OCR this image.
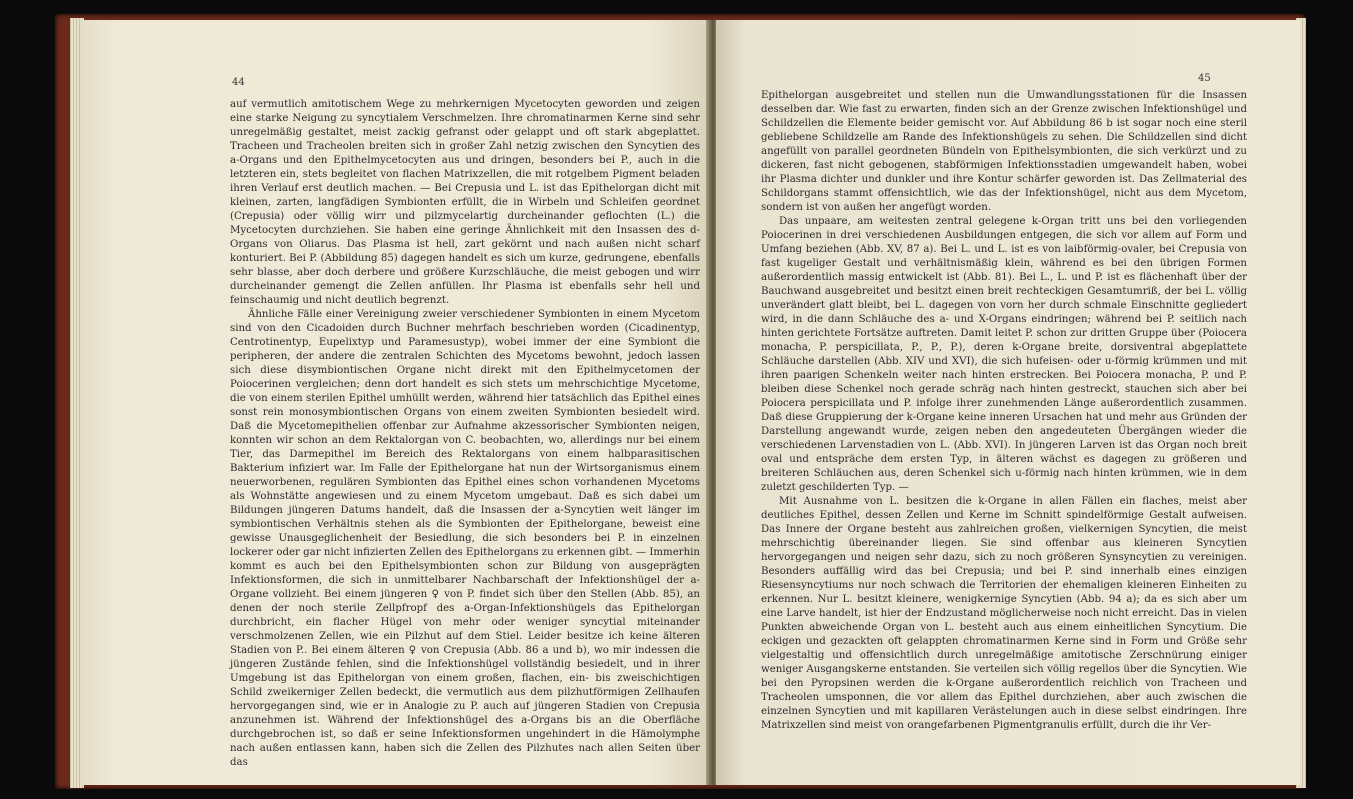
44

auf vermutlich amitotischem Wege zu mehrkernigen Mycetocyten geworden und zeigen eine starke Neigung zu syncytialem Verschmelzen. Ihre chromatinarmen Kerne sind sehr unregelmäßig gestaltet, meist zackig gefranst oder gelappt und oft stark abgeplattet. Tracheen und Tracheolen breiten sich in großer Zahl netzig zwischen den Syncytien des a-Organs und den Epithelmycetocyten aus und dringen, besonders bei P., auch in die letzteren ein, stets begleitet von flachen Matrixzellen, die mit rotgelbem Pigment beladen ihren Verlauf erst deutlich machen. — Bei Crepusia und L. ist das Epithelorgan dicht mit kleinen, zarten, langfädigen Symbionten erfüllt, die in Wirbeln und Schleifen geordnet (Crepusia) oder völlig wirr und pilzmycelartig durcheinander geflochten (L.) die Mycetocyten durchziehen. Sie haben eine geringe Ähnlichkeit mit den Insassen des d-Organs von Oliarus. Das Plasma ist hell, zart gekörnt und nach außen nicht scharf konturiert. Bei P. (Abbildung 85) dagegen handelt es sich um kurze, gedrungene, ebenfalls sehr blasse, aber doch derbere und größere Kurzschläuche, die meist gebogen und wirr durcheinander gemengt die Zellen anfüllen. Ihr Plasma ist ebenfalls sehr hell und feinschaumig und nicht deutlich begrenzt.

Ähnliche Fälle einer Vereinigung zweier verschiedener Symbionten in einem Mycetom sind von den Cicadoiden durch Buchner mehrfach beschrieben worden (Cicadinentyp, Centrotinentyp, Eupelixtyp und Paramesustyp), wobei immer der eine Symbiont die peripheren, der andere die zentralen Schichten des Mycetoms bewohnt, jedoch lassen sich diese disymbiontischen Organe nicht direkt mit den Epithelmycetomen der Poiocerinen vergleichen; denn dort handelt es sich stets um mehrschichtige Mycetome, die von einem sterilen Epithel umhüllt werden, während hier tatsächlich das Epithel eines sonst rein monosymbiontischen Organs von einem zweiten Symbionten besiedelt wird. Daß die Mycetomepithelien offenbar zur Aufnahme akzessorischer Symbionten neigen, konnten wir schon an dem Rektalorgan von C. beobachten, wo, allerdings nur bei einem Tier, das Darmepithel im Bereich des Rektalorgans von einem halbparasitischen Bakterium infiziert war. Im Falle der Epithelorgane hat nun der Wirtsorganismus einem neuerworbenen, regulären Symbionten das Epithel eines schon vorhandenen Mycetoms als Wohnstätte angewiesen und zu einem Mycetom umgebaut. Daß es sich dabei um Bildungen jüngeren Datums handelt, daß die Insassen der a-Syncytien weit länger im symbiontischen Verhältnis stehen als die Symbionten der Epithelorgane, beweist eine gewisse Unausgeglichenheit der Besiedlung, die sich besonders bei P. in einzelnen lockerer oder gar nicht infizierten Zellen des Epithelorgans zu erkennen gibt. — Immerhin kommt es auch bei den Epithelsymbionten schon zur Bildung von ausgeprägten Infektionsformen, die sich in unmittelbarer Nachbarschaft der Infektionshügel der a-Organe vollzieht. Bei einem jüngeren ♀ von P. findet sich über den Stellen (Abb. 85), an denen der noch sterile Zellpfropf des a-Organ-Infektionshügels das Epithelorgan durchbricht, ein flacher Hügel von mehr oder weniger syncytial miteinander verschmolzenen Zellen, wie ein Pilzhut auf dem Stiel. Leider besitze ich keine älteren Stadien von P.. Bei einem älteren ♀ von Crepusia (Abb. 86 a und b), wo mir indessen die jüngeren Zustände fehlen, sind die Infektionshügel vollständig besiedelt, und in ihrer Umgebung ist das Epithelorgan von einem großen, flachen, ein- bis zweischichtigen Schild zweikerniger Zellen bedeckt, die vermutlich aus dem pilzhutförmigen Zellhaufen hervorgegangen sind, wie er in Analogie zu P. auch auf jüngeren Stadien von Crepusia anzunehmen ist. Während der Infektionshügel des a-Organs bis an die Oberfläche durchgebrochen ist, so daß er seine Infektionsformen ungehindert in die Hämolymphe nach außen entlassen kann, haben sich die Zellen des Pilzhutes nach allen Seiten über das

45

Epithelorgan ausgebreitet und stellen nun die Umwandlungsstationen für die Insassen desselben dar. Wie fast zu erwarten, finden sich an der Grenze zwischen Infektionshügel und Schildzellen die Elemente beider gemischt vor. Auf Abbildung 86 b ist sogar noch eine steril gebliebene Schildzelle am Rande des Infektionshügels zu sehen. Die Schildzellen sind dicht angefüllt von parallel geordneten Bündeln von Epithelsymbionten, die sich verkürzt und zu dickeren, fast nicht gebogenen, stabförmigen Infektionsstadien umgewandelt haben, wobei ihr Plasma dichter und dunkler und ihre Kontur schärfer geworden ist. Das Zellmaterial des Schildorgans stammt offensichtlich, wie das der Infektionshügel, nicht aus dem Mycetom, sondern ist von außen her angefügt worden.

Das unpaare, am weitesten zentral gelegene k-Organ tritt uns bei den vorliegenden Poiocerinen in drei verschiedenen Ausbildungen entgegen, die sich vor allem auf Form und Umfang beziehen (Abb. XV, 87 a). Bei L. und L. ist es von laibförmig-ovaler, bei Crepusia von fast kugeliger Gestalt und verhältnismäßig klein, während es bei den übrigen Formen außerordentlich massig entwickelt ist (Abb. 81). Bei L., L. und P. ist es flächenhaft über der Bauchwand ausgebreitet und besitzt einen breit rechteckigen Gesamtumriß, der bei L. völlig unverändert glatt bleibt, bei L. dagegen von vorn her durch schmale Einschnitte gegliedert wird, in die dann Schläuche des a- und X-Organs eindringen; während bei P. seitlich nach hinten gerichtete Fortsätze auftreten. Damit leitet P. schon zur dritten Gruppe über (Poiocera monacha, P. perspicillata, P., P., P.), deren k-Organe breite, dorsiventral abgeplattete Schläuche darstellen (Abb. XIV und XVI), die sich hufeisen- oder u-förmig krümmen und mit ihren paarigen Schenkeln weiter nach hinten erstrecken. Bei Poiocera monacha, P. und P. bleiben diese Schenkel noch gerade schräg nach hinten gestreckt, stauchen sich aber bei Poiocera perspicillata und P. infolge ihrer zunehmenden Länge außerordentlich zusammen. Daß diese Gruppierung der k-Organe keine inneren Ursachen hat und mehr aus Gründen der Darstellung angewandt wurde, zeigen neben den angedeuteten Übergängen wieder die verschiedenen Larvenstadien von L. (Abb. XVI). In jüngeren Larven ist das Organ noch breit oval und entspräche dem ersten Typ, in älteren wächst es dagegen zu größeren und breiteren Schläuchen aus, deren Schenkel sich u-förmig nach hinten krümmen, wie in dem zuletzt geschilderten Typ. —

Mit Ausnahme von L. besitzen die k-Organe in allen Fällen ein flaches, meist aber deutliches Epithel, dessen Zellen und Kerne im Schnitt spindelförmige Gestalt aufweisen. Das Innere der Organe besteht aus zahlreichen großen, vielkernigen Syncytien, die meist mehrschichtig übereinander liegen. Sie sind offenbar aus kleineren Syncytien hervorgegangen und neigen sehr dazu, sich zu noch größeren Synsyncytien zu vereinigen. Besonders auffällig wird das bei Crepusia; und bei P. sind innerhalb eines einzigen Riesensyncytiums nur noch schwach die Territorien der ehemaligen kleineren Einheiten zu erkennen. Nur L. besitzt kleinere, wenigkernige Syncytien (Abb. 94 a); da es sich aber um eine Larve handelt, ist hier der Endzustand möglicherweise noch nicht erreicht. Das in vielen Punkten abweichende Organ von L. besteht auch aus einem einheitlichen Syncytium. Die eckigen und gezackten oft gelappten chromatinarmen Kerne sind in Form und Größe sehr vielgestaltig und offensichtlich durch unregelmäßige amitotische Zerschnürung einiger weniger Ausgangskerne entstanden. Sie verteilen sich völlig regellos über die Syncytien. Wie bei den Pyropsinen werden die k-Organe außerordentlich reichlich von Tracheen und Tracheolen umsponnen, die vor allem das Epithel durchziehen, aber auch zwischen die einzelnen Syncytien und mit kapillaren Verästelungen auch in diese selbst eindringen. Ihre Matrixzellen sind meist von orangefarbenen Pigmentgranulis erfüllt, durch die ihr Ver-
